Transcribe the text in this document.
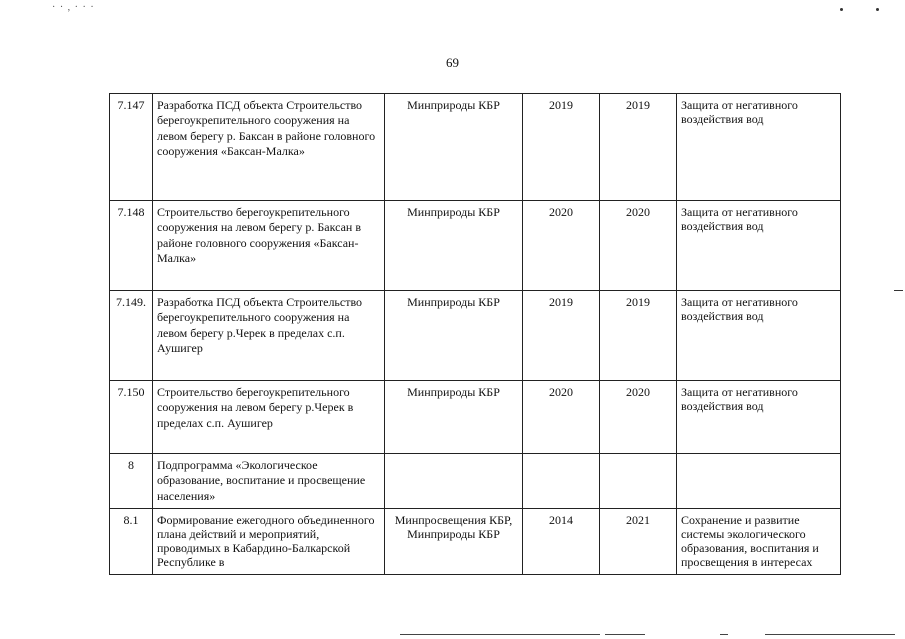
· · , · · ·
69
7.147	Разработка ПСД объекта Строительство берегоукрепительного сооружения на левом берегу р. Баксан в районе головного сооружения «Баксан-Малка»	Минприроды КБР	2019	2019	Защита от негативного воздействия вод
7.148	Строительство берегоукрепительного сооружения на левом берегу р. Баксан в районе головного сооружения «Баксан-Малка»	Минприроды КБР	2020	2020	Защита от негативного воздействия вод
7.149.	Разработка ПСД объекта Строительство берегоукрепительного сооружения на левом берегу р.Черек в пределах с.п. Аушигер	Минприроды КБР	2019	2019	Защита от негативного воздействия вод
7.150	Строительство берегоукрепительного сооружения на левом берегу р.Черек в пределах с.п. Аушигер	Минприроды КБР	2020	2020	Защита от негативного воздействия вод
8	Подпрограмма «Экологическое образование, воспитание и просвещение населения»				
8.1	Формирование ежегодного объединенного плана действий и мероприятий, проводимых в Кабардино-Балкарской Республике в	Минпросвещения КБР, Минприроды КБР	2014	2021	Сохранение и развитие системы экологического образования, воспитания и просвещения в интересах
